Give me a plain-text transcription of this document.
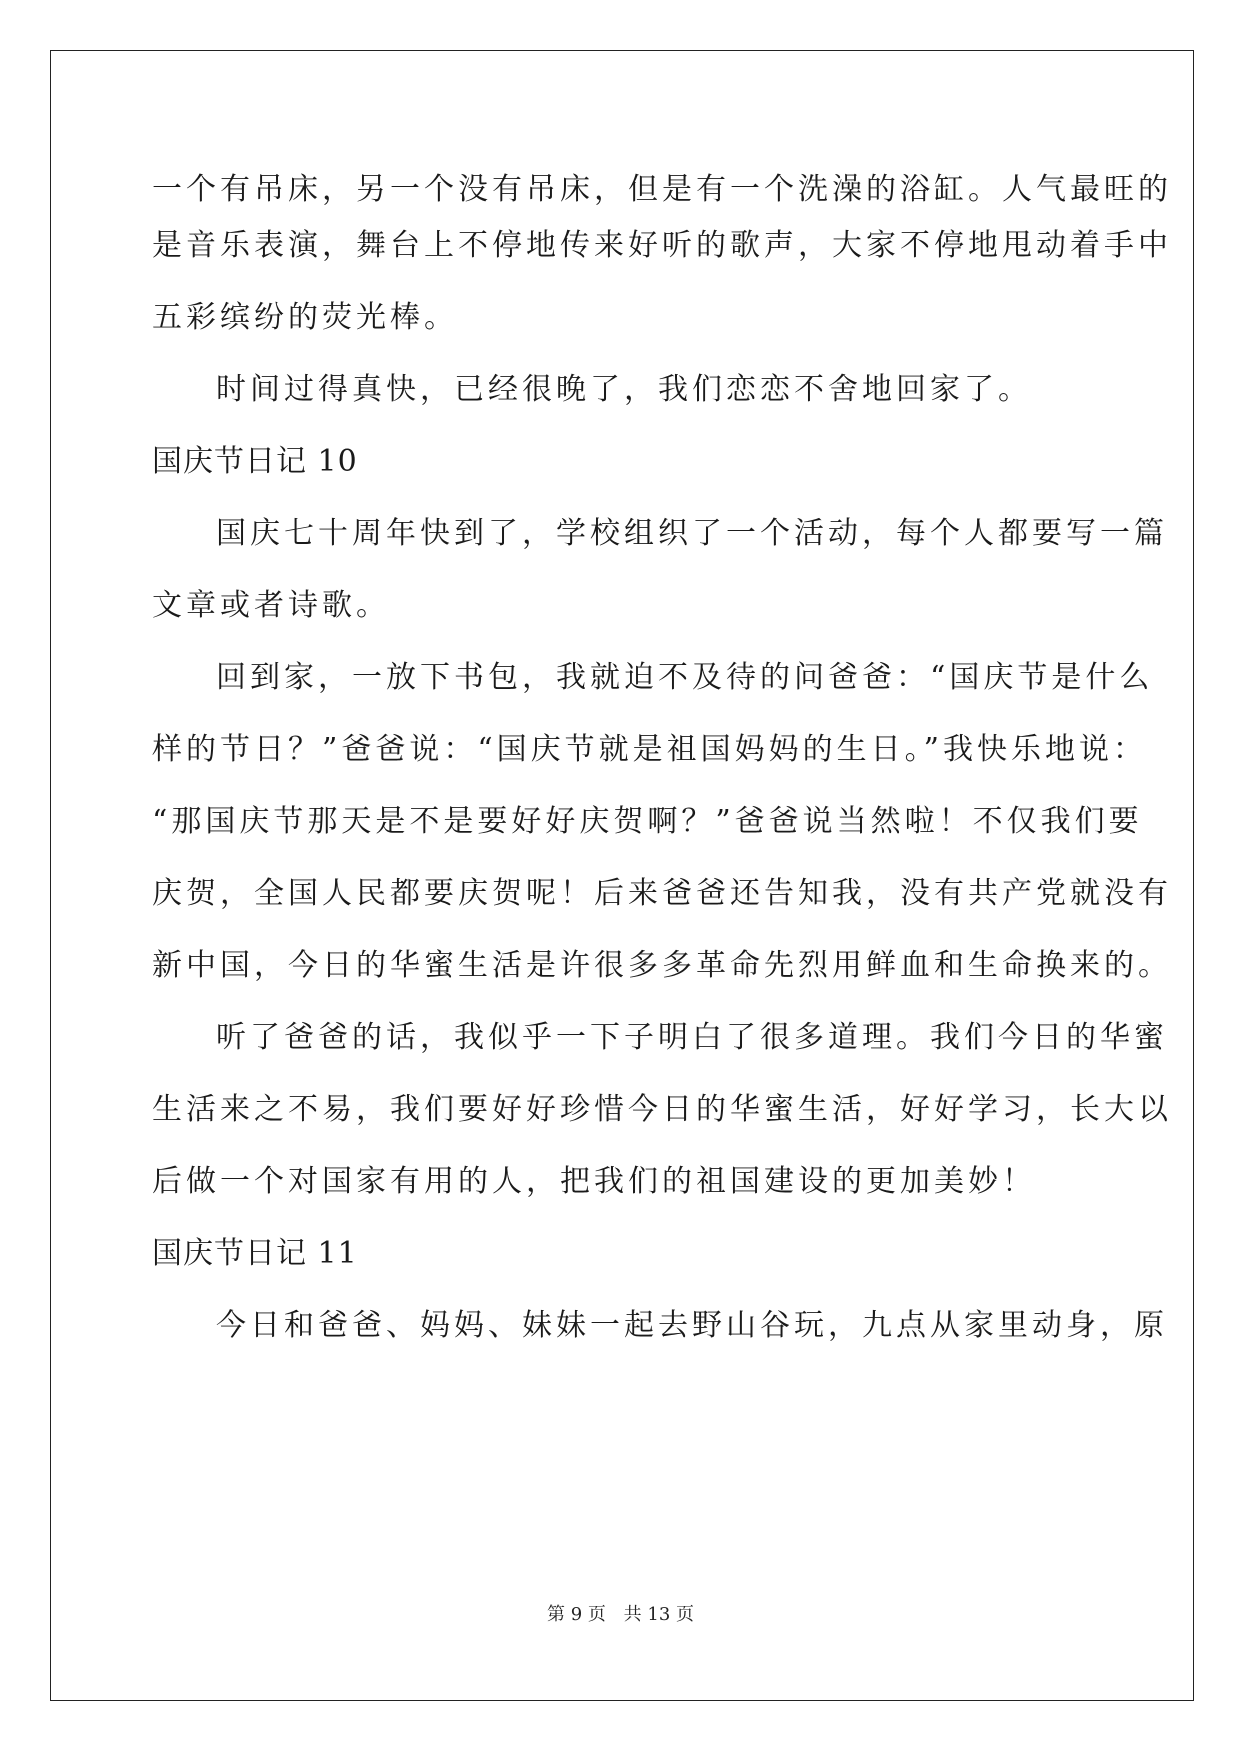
一个有吊床，另一个没有吊床，但是有一个洗澡的浴缸。人气最旺的
是音乐表演，舞台上不停地传来好听的歌声，大家不停地甩动着手中
五彩缤纷的荧光棒。
时间过得真快，已经很晚了，我们恋恋不舍地回家了。
国庆节日记 10
国庆七十周年快到了，学校组织了一个活动，每个人都要写一篇
文章或者诗歌。
回到家，一放下书包，我就迫不及待的问爸爸：“国庆节是什么
样的节日？”爸爸说：“国庆节就是祖国妈妈的生日。”我快乐地说：
“那国庆节那天是不是要好好庆贺啊？”爸爸说当然啦！不仅我们要
庆贺，全国人民都要庆贺呢！后来爸爸还告知我，没有共产党就没有
新中国，今日的华蜜生活是许很多多革命先烈用鲜血和生命换来的。
听了爸爸的话，我似乎一下子明白了很多道理。我们今日的华蜜
生活来之不易，我们要好好珍惜今日的华蜜生活，好好学习，长大以
后做一个对国家有用的人，把我们的祖国建设的更加美妙！
国庆节日记 11
今日和爸爸、妈妈、妹妹一起去野山谷玩，九点从家里动身，原
第 9 页 共 13 页
